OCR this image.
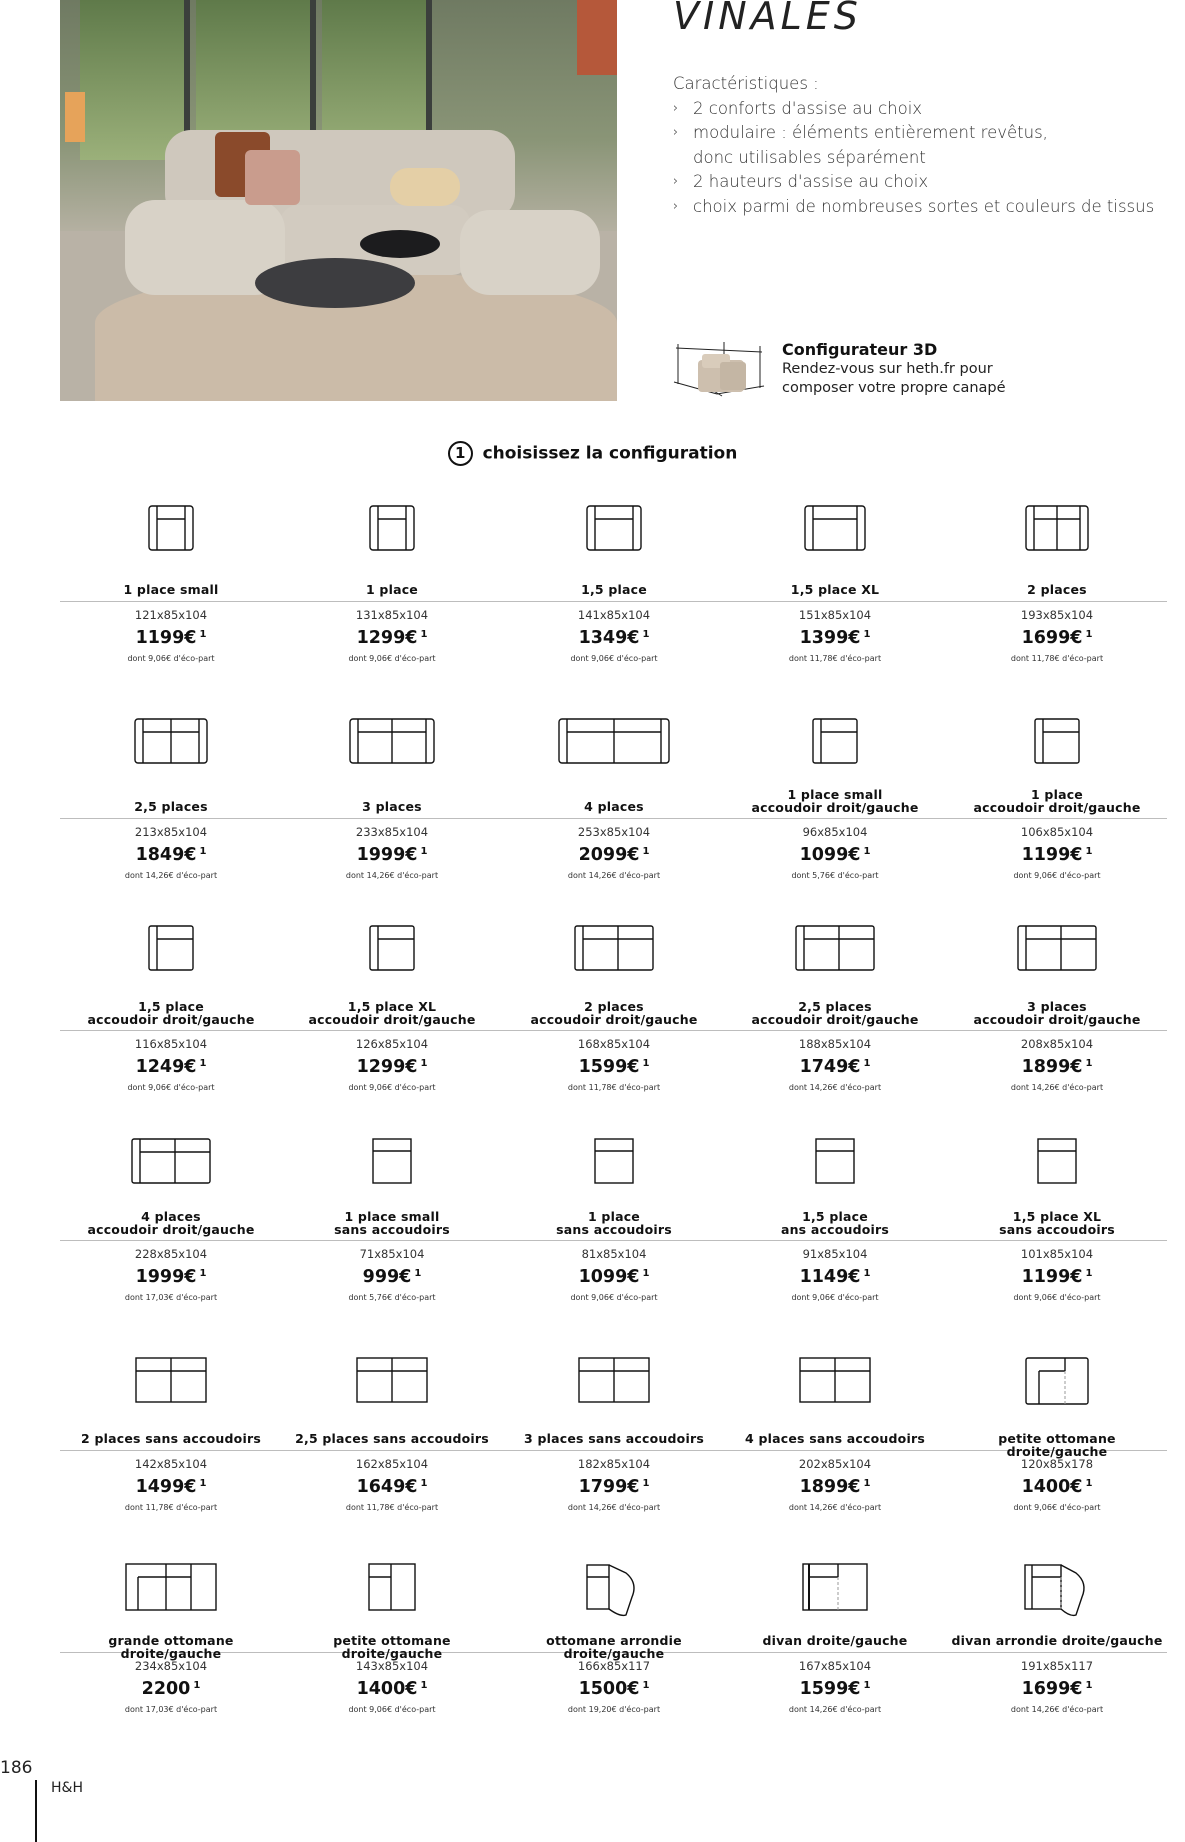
VINALES
Caractéristiques :
› 2 conforts d'assise au choix
› modulaire : éléments entièrement revêtus,
donc utilisables séparément
› 2 hauteurs d'assise au choix
› choix parmi de nombreuses sortes et couleurs de tissus
Configurateur 3D
Rendez-vous sur heth.fr pour
composer votre propre canapé
1 choisissez la configuration
1 place small
121x85x104
1199€ $^1$
dont 9,06€ d'éco-part
1 place
131x85x104
1299€ $^1$
dont 9,06€ d'éco-part
1,5 place
141x85x104
1349€ $^1$
dont 9,06€ d'éco-part
1,5 place XL
151x85x104
1399€ $^1$
dont 11,78€ d'éco-part
2 places
193x85x104
1699€ $^1$
dont 11,78€ d'éco-part
2,5 places
213x85x104
1849€ $^1$
dont 14,26€ d'éco-part
3 places
233x85x104
1999€ $^1$
dont 14,26€ d'éco-part
4 places
253x85x104
2099€ $^1$
dont 14,26€ d'éco-part
1 place small
accoudoir droit/gauche
96x85x104
1099€ $^1$
dont 5,76€ d'éco-part
1 place
accoudoir droit/gauche
106x85x104
1199€ $^1$
dont 9,06€ d'éco-part
1,5 place
accoudoir droit/gauche
116x85x104
1249€ $^1$
dont 9,06€ d'éco-part
1,5 place XL
accoudoir droit/gauche
126x85x104
1299€ $^1$
dont 9,06€ d'éco-part
2 places
accoudoir droit/gauche
168x85x104
1599€ $^1$
dont 11,78€ d'éco-part
2,5 places
accoudoir droit/gauche
188x85x104
1749€ $^1$
dont 14,26€ d'éco-part
3 places
accoudoir droit/gauche
208x85x104
1899€ $^1$
dont 14,26€ d'éco-part
4 places
accoudoir droit/gauche
228x85x104
1999€ $^1$
dont 17,03€ d'éco-part
1 place small
sans accoudoirs
71x85x104
999€ $^1$
dont 5,76€ d'éco-part
1 place
sans accoudoirs
81x85x104
1099€ $^1$
dont 9,06€ d'éco-part
1,5 place
ans accoudoirs
91x85x104
1149€ $^1$
dont 9,06€ d'éco-part
1,5 place XL
sans accoudoirs
101x85x104
1199€ $^1$
dont 9,06€ d'éco-part
2 places sans accoudoirs
142x85x104
1499€ $^1$
dont 11,78€ d'éco-part
2,5 places sans accoudoirs
162x85x104
1649€ $^1$
dont 11,78€ d'éco-part
3 places sans accoudoirs
182x85x104
1799€ $^1$
dont 14,26€ d'éco-part
4 places sans accoudoirs
202x85x104
1899€ $^1$
dont 14,26€ d'éco-part
petite ottomane droite/gauche
120x85x178
1400€ $^1$
dont 9,06€ d'éco-part
grande ottomane droite/gauche
234x85x104
2200 $^1$
dont 17,03€ d'éco-part
petite ottomane droite/gauche
143x85x104
1400€ $^1$
dont 9,06€ d'éco-part
ottomane arrondie droite/gauche
166x85x117
1500€ $^1$
dont 19,20€ d'éco-part
divan droite/gauche
167x85x104
1599€ $^1$
dont 14,26€ d'éco-part
divan arrondie droite/gauche
191x85x117
1699€ $^1$
dont 14,26€ d'éco-part
186
H&H
